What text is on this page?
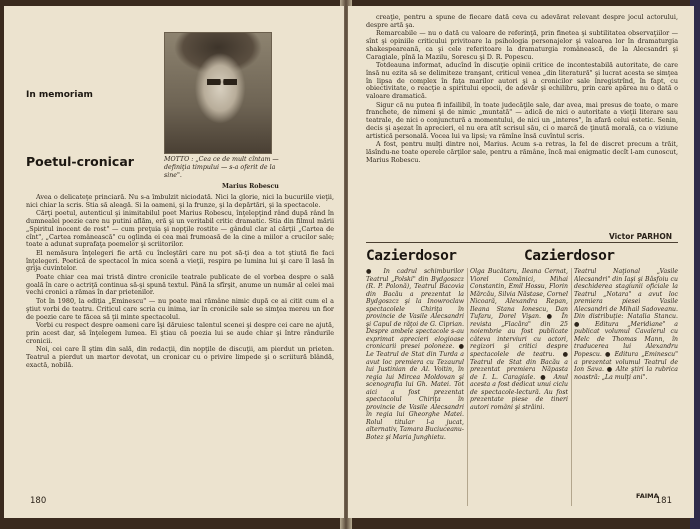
In memoriam
Poetul-cronicar	MOTTO : „Cea ce de mult cîntam — definiţia timpului — s-a oferit de la sine".
Marius Robescu

Avea o delicateţe princiară. Nu s-a îmbulzit niciodată. Nici la glorie, nici la bucuriile vieţii, nici chiar la scris. Stia să aleagă. Si la oameni, şi la frunze, şi la depărtări, şi la spectacole.

Cărţi poetul, autenticul şi inimitabilul poet Marius Robescu, înţelepţind rând după rând în dumnealei poezie care nu putini aflăm, eră şi un veritabil critic dramatic. Stia din filmul mării „Spiritul inocent de rost" — cum preţuia şi nopţile rostite — gândul clar al cărţii „Cartea de cînt", „Cartea românească" cu oglinda ei cea mai frumoasă de la cine a miilor a crucilor sale; toate a adunat suprafaţa poemelor şi scriitorilor.

El nemăsura înţelegeri fie artă cu încleştări care nu pot să-ţi dea a tot ştiută fie faci înţelegeri. Poetică de spectacol în mica scenă a vieţii, respira pe lumina lui şi care îl lasă în grija cuvintelor.

Poate chiar cea mai tristă dintre cronicile teatrale publicate de el vorbea despre o sală goală în care o actriţă continua să-şi spună textul. Până la sfîrşit, anume un număr al celei mai vechi cronici a rămas în dar prietenilor.

Tot în 1980, la ediţia „Eminescu" — nu poate mai rămâne nimic după ce ai citit cum el a ştiut vorbi de teatru. Criticul care scria cu inima, iar în cronicile sale se simţea mereu un fior de poezie care te făcea să ţii minte spectacolul.

Vorbi cu respect despre oameni care îşi dăruiesc talentul scenei şi despre cei care ne ajută, prin acest dar, să înţelegem lumea. Ei ştiau că poezia lui se aude chiar şi între rândurile cronicii.

Noi, cei care îl ştim din sală, din redacţii, din nopţile de discuţii, am pierdut un prieten. Teatrul a pierdut un martor devotat, un cronicar cu o privire limpede şi o scriitură blândă, exactă, nobilă.

180

creaţie, pentru a spune de fiecare dată ceva cu adevărat relevant despre jocul actorului, despre artă şa.

Remarcabile — nu o dată cu valoare de referinţă, prin finetea şi subtilitatea observaţiilor — sînt şi opiniile criticului privitoare la psihologia personajelor şi valoarea lor în dramaturgia shakespeareană, ca şi cele referitoare la dramaturgia românească, de la Alecsandri şi Caragiale, pînă la Mazilu, Sorescu şi D. R. Popescu.

Totdeauna informat, aducînd în discuţie opinii critice de incontestabilă autoritate, de care însă nu ezita să se delimiteze tranşant, criticul venea „din literatură" şi lucrat acesta se simţea în lipsa de complex în faţa marilor autori şi a cronicilor sale înregistrînd, în fapt, cu obiectivitate, o reacţie a spiritului epocii, de adevăr şi echilibru, prin care apărea nu o dată o valoare dramatică.

Sigur că nu putea fi infailibil, în toate judecăţile sale, dar avea, mai presus de toate, o mare franchete, de nimeni şi de nimic „muntată" — adică de nici o autoritate a vieţii literare sau teatrale, de nici o conjunctură a momentului, de nici un „interes", în afară celui estetic. Senin, decis şi aşezat în aprecieri, el nu era atît scrisul său, ci o marcă de ţinută morală, ca o viziune artistică personală. Vocea lui va lipsi; va rămîne însă cuvîntul scris.

A fost, pentru mulţi dintre noi, Marius. Acum s-a retras, la fel de discret precum a trăit, lăsîndu-ne toate operele cărţilor sale, pentru a rămâne, încă mai enigmatic decît l-am cunoscut, Marius Robescu.

Victor PARHON
Cazierdosor	Cazierdosor
● În cadrul schimburilor Teatrul „Polski" din Bydgoszcz (R. P. Polonă), Teatrul Bacovia din Bacău a prezentat la Bydgoszcz şi la Inowroclaw spectacolele Chiriţa în provincie de Vasile Alecsandri şi Capul de răţoi de G. Ciprian. Despre ambele spectacole s-au exprimat aprecieri elogioase cronicarii presei poloneze. ● Le Teatrul de Stat din Turda a avut loc premiera cu Tezaurul lui Justinian de Al. Voitin, în regia lui Mircea Moldovan şi scenografia lui Gh. Matei. Tot aici a fost prezentat spectacolul Chiriţa în provincie de Vasile Alecsandri în regia lui Gheorghe Matei. Rolul titular l-a jucat, alternativ, Tamara Buciuceanu-Botez şi Maria Junghietu.
Olga Bucătaru, Ileana Cernat, Viorel Comănici, Mihai Constantin, Emil Hossu, Florin Mărcău, Silvia Năstase, Cornel Nicoară, Alexandra Repan, Ileana Stana Ionescu, Dan Tufaru, Dorel Vişan. ● În revista „Flacăra" din 25 noiembrie au fost publicate câteva interviuri cu actori, regizori şi critici despre spectacolele de teatru. ● Teatrul de Stat din Bacău a prezentat premiera Năpasta de I. L. Caragiale. ● Anul acesta a fost dedicat unui ciclu de spectacole-lectură. Au fost prezentate piese de tineri autori români şi străini.
Teatrul Naţional „Vasile Alecsandri" din Iaşi şi Băsfoiu cu deschiderea stagiunii oficiale la Teatrul „Notara" a avut loc premiera piesei Vasile Alecsandri de Mihail Sadoveanu. Din distribuţie: Natalia Stancu. ● Editura „Meridiane" a publicat volumul Cavalerul cu Melc de Thomas Mann, în traducerea lui Alexandru Popescu. ● Editura „Eminescu" a prezentat volumul Teatrul de Ion Sava. ● Alte ştiri la rubrica noastră: „La mulţi ani".
FAIMA
181
